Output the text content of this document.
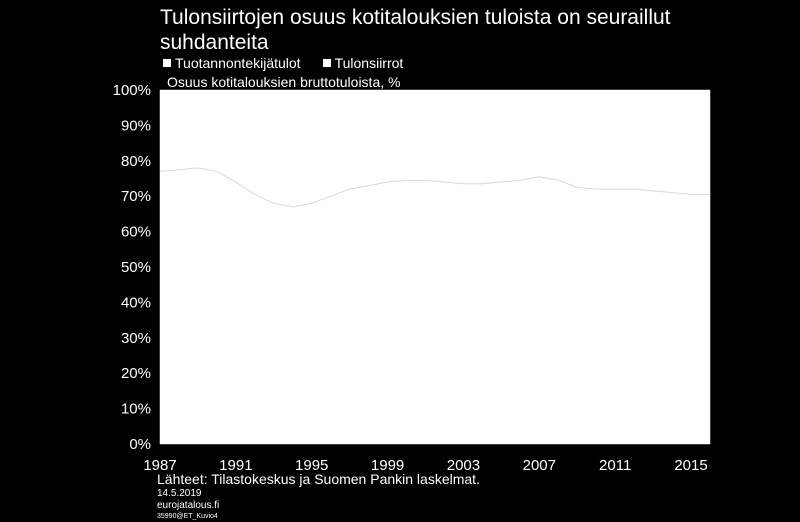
Tulonsiirtojen osuus kotitalouksien tuloista on seuraillut suhdanteita
Tuotannontekijätulot Tulonsiirrot
Osuus kotitalouksien bruttotuloista, %
0%
10%
20%
30%
40%
50%
60%
70%
80%
90%
100%
1987	1991	1995	1999	2003	2007	2011	2015
Lähteet: Tilastokeskus ja Suomen Pankin laskelmat.
14.5.2019
eurojatalous.fi
35990@ET_Kuvio4
